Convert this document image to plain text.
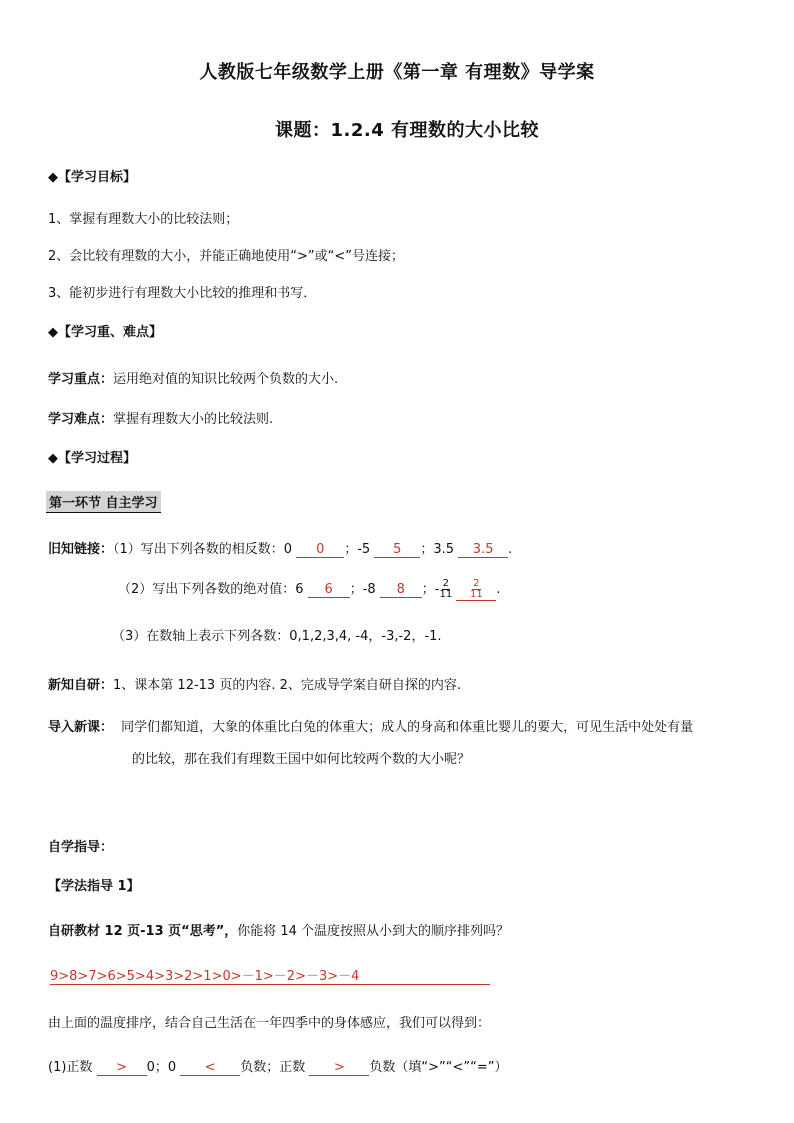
人教版七年级数学上册《第一章 有理数》导学案
课题：1.2.4 有理数的大小比较
◆【学习目标】
1、掌握有理数大小的比较法则；
2、会比较有理数的大小，并能正确地使用“>”或“<”号连接；
3、能初步进行有理数大小比较的推理和书写．
◆【学习重、难点】
学习重点：运用绝对值的知识比较两个负数的大小.
学习难点：掌握有理数大小的比较法则.
◆【学习过程】
第一环节 自主学习
旧知链接：（1）写出下列各数的相反数：0 0 ；-5 5 ；3.5 3.5 .
（2）写出下列各数的绝对值：6 6 ；-8 8 ；- $\frac{2}{11}$
$\frac{2}{11}$ .
（3）在数轴上表示下列各数：0,1,2,3,4, -4，-3,-2，-1.
新知自研：1、课本第 12-13 页的内容. 2、完成导学案自研自探的内容.
导入新课： 同学们都知道，大象的体重比白兔的体重大；成人的身高和体重比婴儿的要大，可见生活中处处有量
的比较，那在我们有理数王国中如何比较两个数的大小呢？
自学指导：
【学法指导 1】
自研教材 12 页-13 页“思考”，你能将 14 个温度按照从小到大的顺序排列吗？
9>8>7>6>5>4>3>2>1>0>－1>－2>－3>－4
由上面的温度排序，结合自己生活在一年四季中的身体感应，我们可以得到：
(1)正数 > 0；0 < 负数；正数 > 负数（填“>”“<”“=”）
